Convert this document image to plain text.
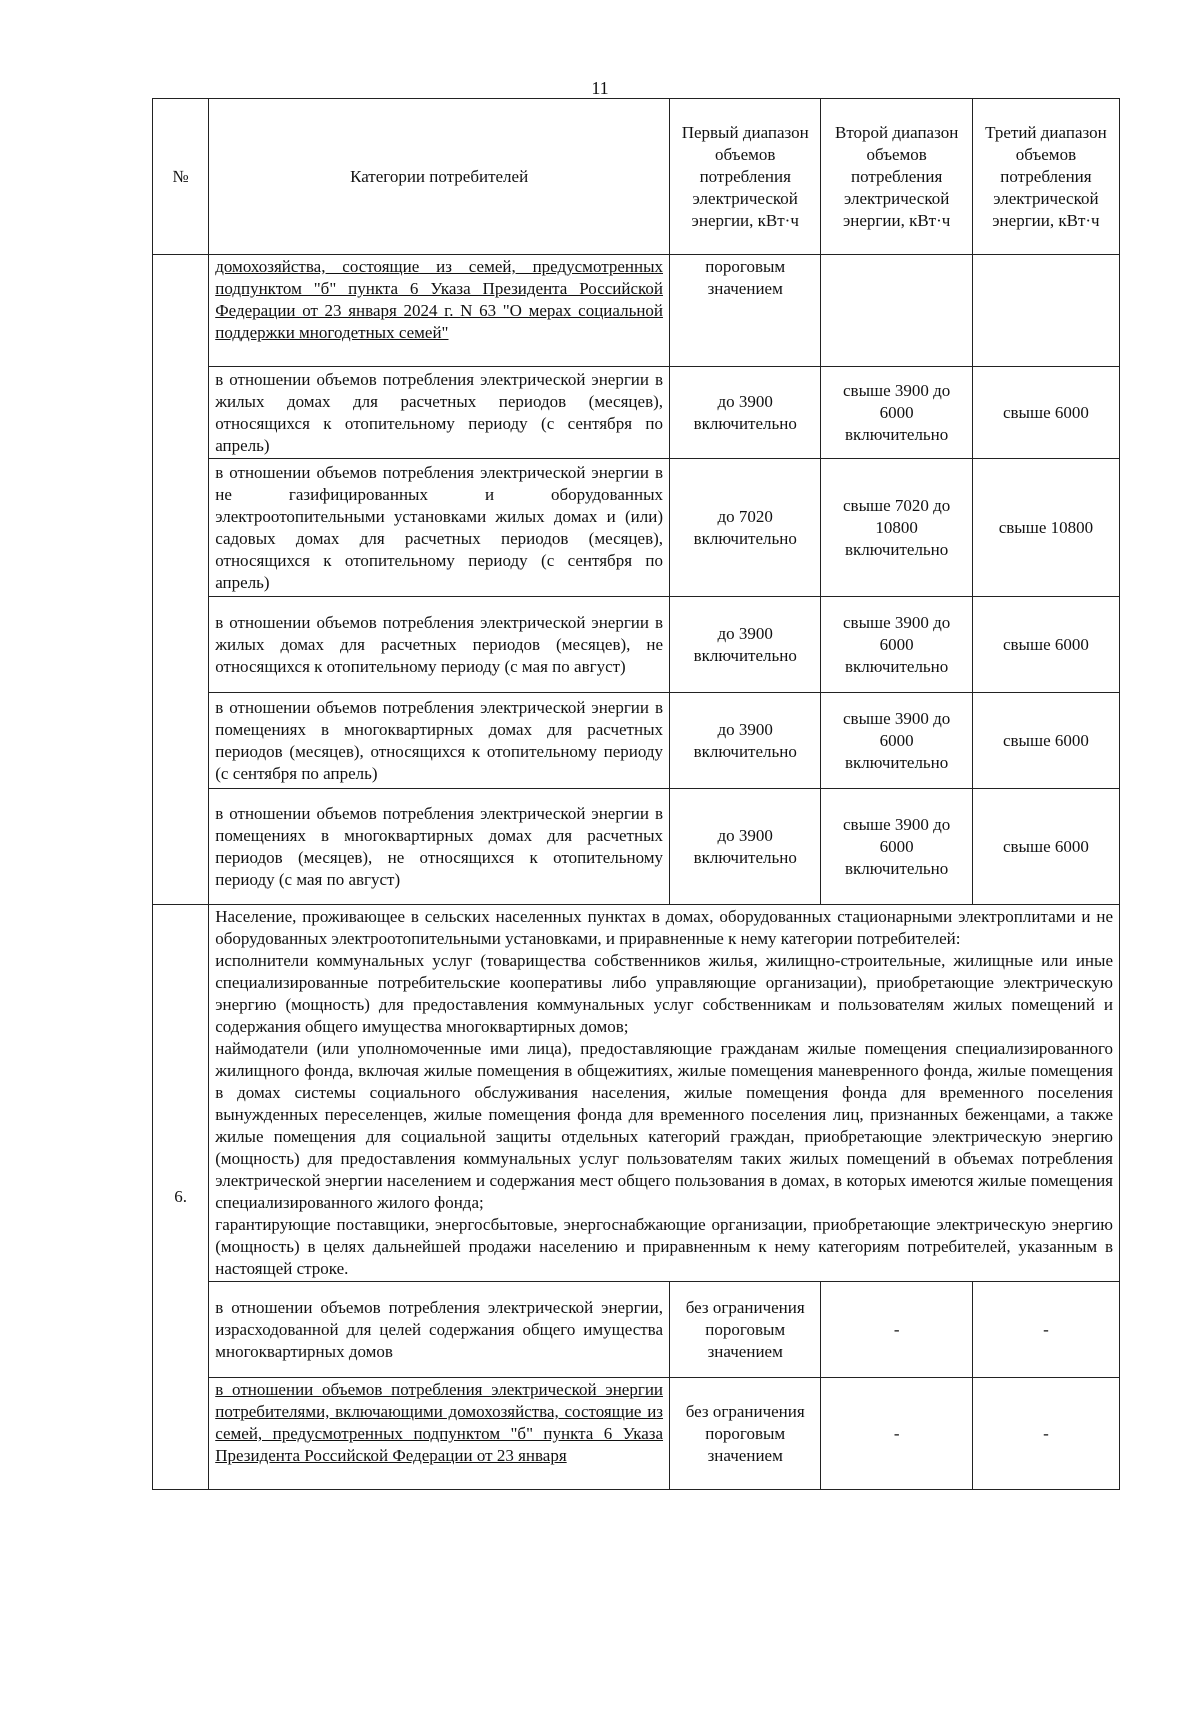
11
№	Категории потребителей	Первый диапазон объемов потребления электрической энергии, кВт·ч	Второй диапазон объемов потребления электрической энергии, кВт·ч	Третий диапазон объемов потребления электрической энергии, кВт·ч
	домохозяйства, состоящие из семей, предусмотренных подпунктом "б" пункта 6 Указа Президента Российской Федерации от 23 января 2024 г. N 63 "О мерах социальной поддержки многодетных семей"	пороговым значением		
	в отношении объемов потребления электрической энергии в жилых домах для расчетных периодов (месяцев), относящихся к отопительному периоду (с сентября по апрель)	до 3900 включительно	свыше 3900 до 6000 включительно	свыше 6000
	в отношении объемов потребления электрической энергии в не газифицированных и оборудованных электроотопительными установками жилых домах и (или) садовых домах для расчетных периодов (месяцев), относящихся к отопительному периоду (с сентября по апрель)	до 7020 включительно	свыше 7020 до 10800 включительно	свыше 10800
	в отношении объемов потребления электрической энергии в жилых домах для расчетных периодов (месяцев), не относящихся к отопительному периоду (с мая по август)	до 3900 включительно	свыше 3900 до 6000 включительно	свыше 6000
	в отношении объемов потребления электрической энергии в помещениях в многоквартирных домах для расчетных периодов (месяцев), относящихся к отопительному периоду (с сентября по апрель)	до 3900 включительно	свыше 3900 до 6000 включительно	свыше 6000
	в отношении объемов потребления электрической энергии в помещениях в многоквартирных домах для расчетных периодов (месяцев), не относящихся к отопительному периоду (с мая по август)	до 3900 включительно	свыше 3900 до 6000 включительно	свыше 6000
6.	Население, проживающее в сельских населенных пунктах в домах, оборудованных стационарными электроплитами и не оборудованных электроотопительными установками, и приравненные к нему категории потребителей:

исполнители коммунальных услуг (товарищества собственников жилья, жилищно-строительные, жилищные или иные специализированные потребительские кооперативы либо управляющие организации), приобретающие электрическую энергию (мощность) для предоставления коммунальных услуг собственникам и пользователям жилых помещений и содержания общего имущества многоквартирных домов;

наймодатели (или уполномоченные ими лица), предоставляющие гражданам жилые помещения специализированного жилищного фонда, включая жилые помещения в общежитиях, жилые помещения маневренного фонда, жилые помещения в домах системы социального обслуживания населения, жилые помещения фонда для временного поселения вынужденных переселенцев, жилые помещения фонда для временного поселения лиц, признанных беженцами, а также жилые помещения для социальной защиты отдельных категорий граждан, приобретающие электрическую энергию (мощность) для предоставления коммунальных услуг пользователям таких жилых помещений в объемах потребления электрической энергии населением и содержания мест общего пользования в домах, в которых имеются жилые помещения специализированного жилого фонда;

гарантирующие поставщики, энергосбытовые, энергоснабжающие организации, приобретающие электрическую энергию (мощность) в целях дальнейшей продажи населению и приравненным к нему категориям потребителей, указанным в настоящей строке.			

	в отношении объемов потребления электрической энергии, израсходованной для целей содержания общего имущества многоквартирных домов	без ограничения пороговым значением	-	-
	в отношении объемов потребления электрической энергии потребителями, включающими домохозяйства, состоящие из семей, предусмотренных подпунктом "б" пункта 6 Указа Президента Российской Федерации от 23 января	без ограничения пороговым значением	-	-
